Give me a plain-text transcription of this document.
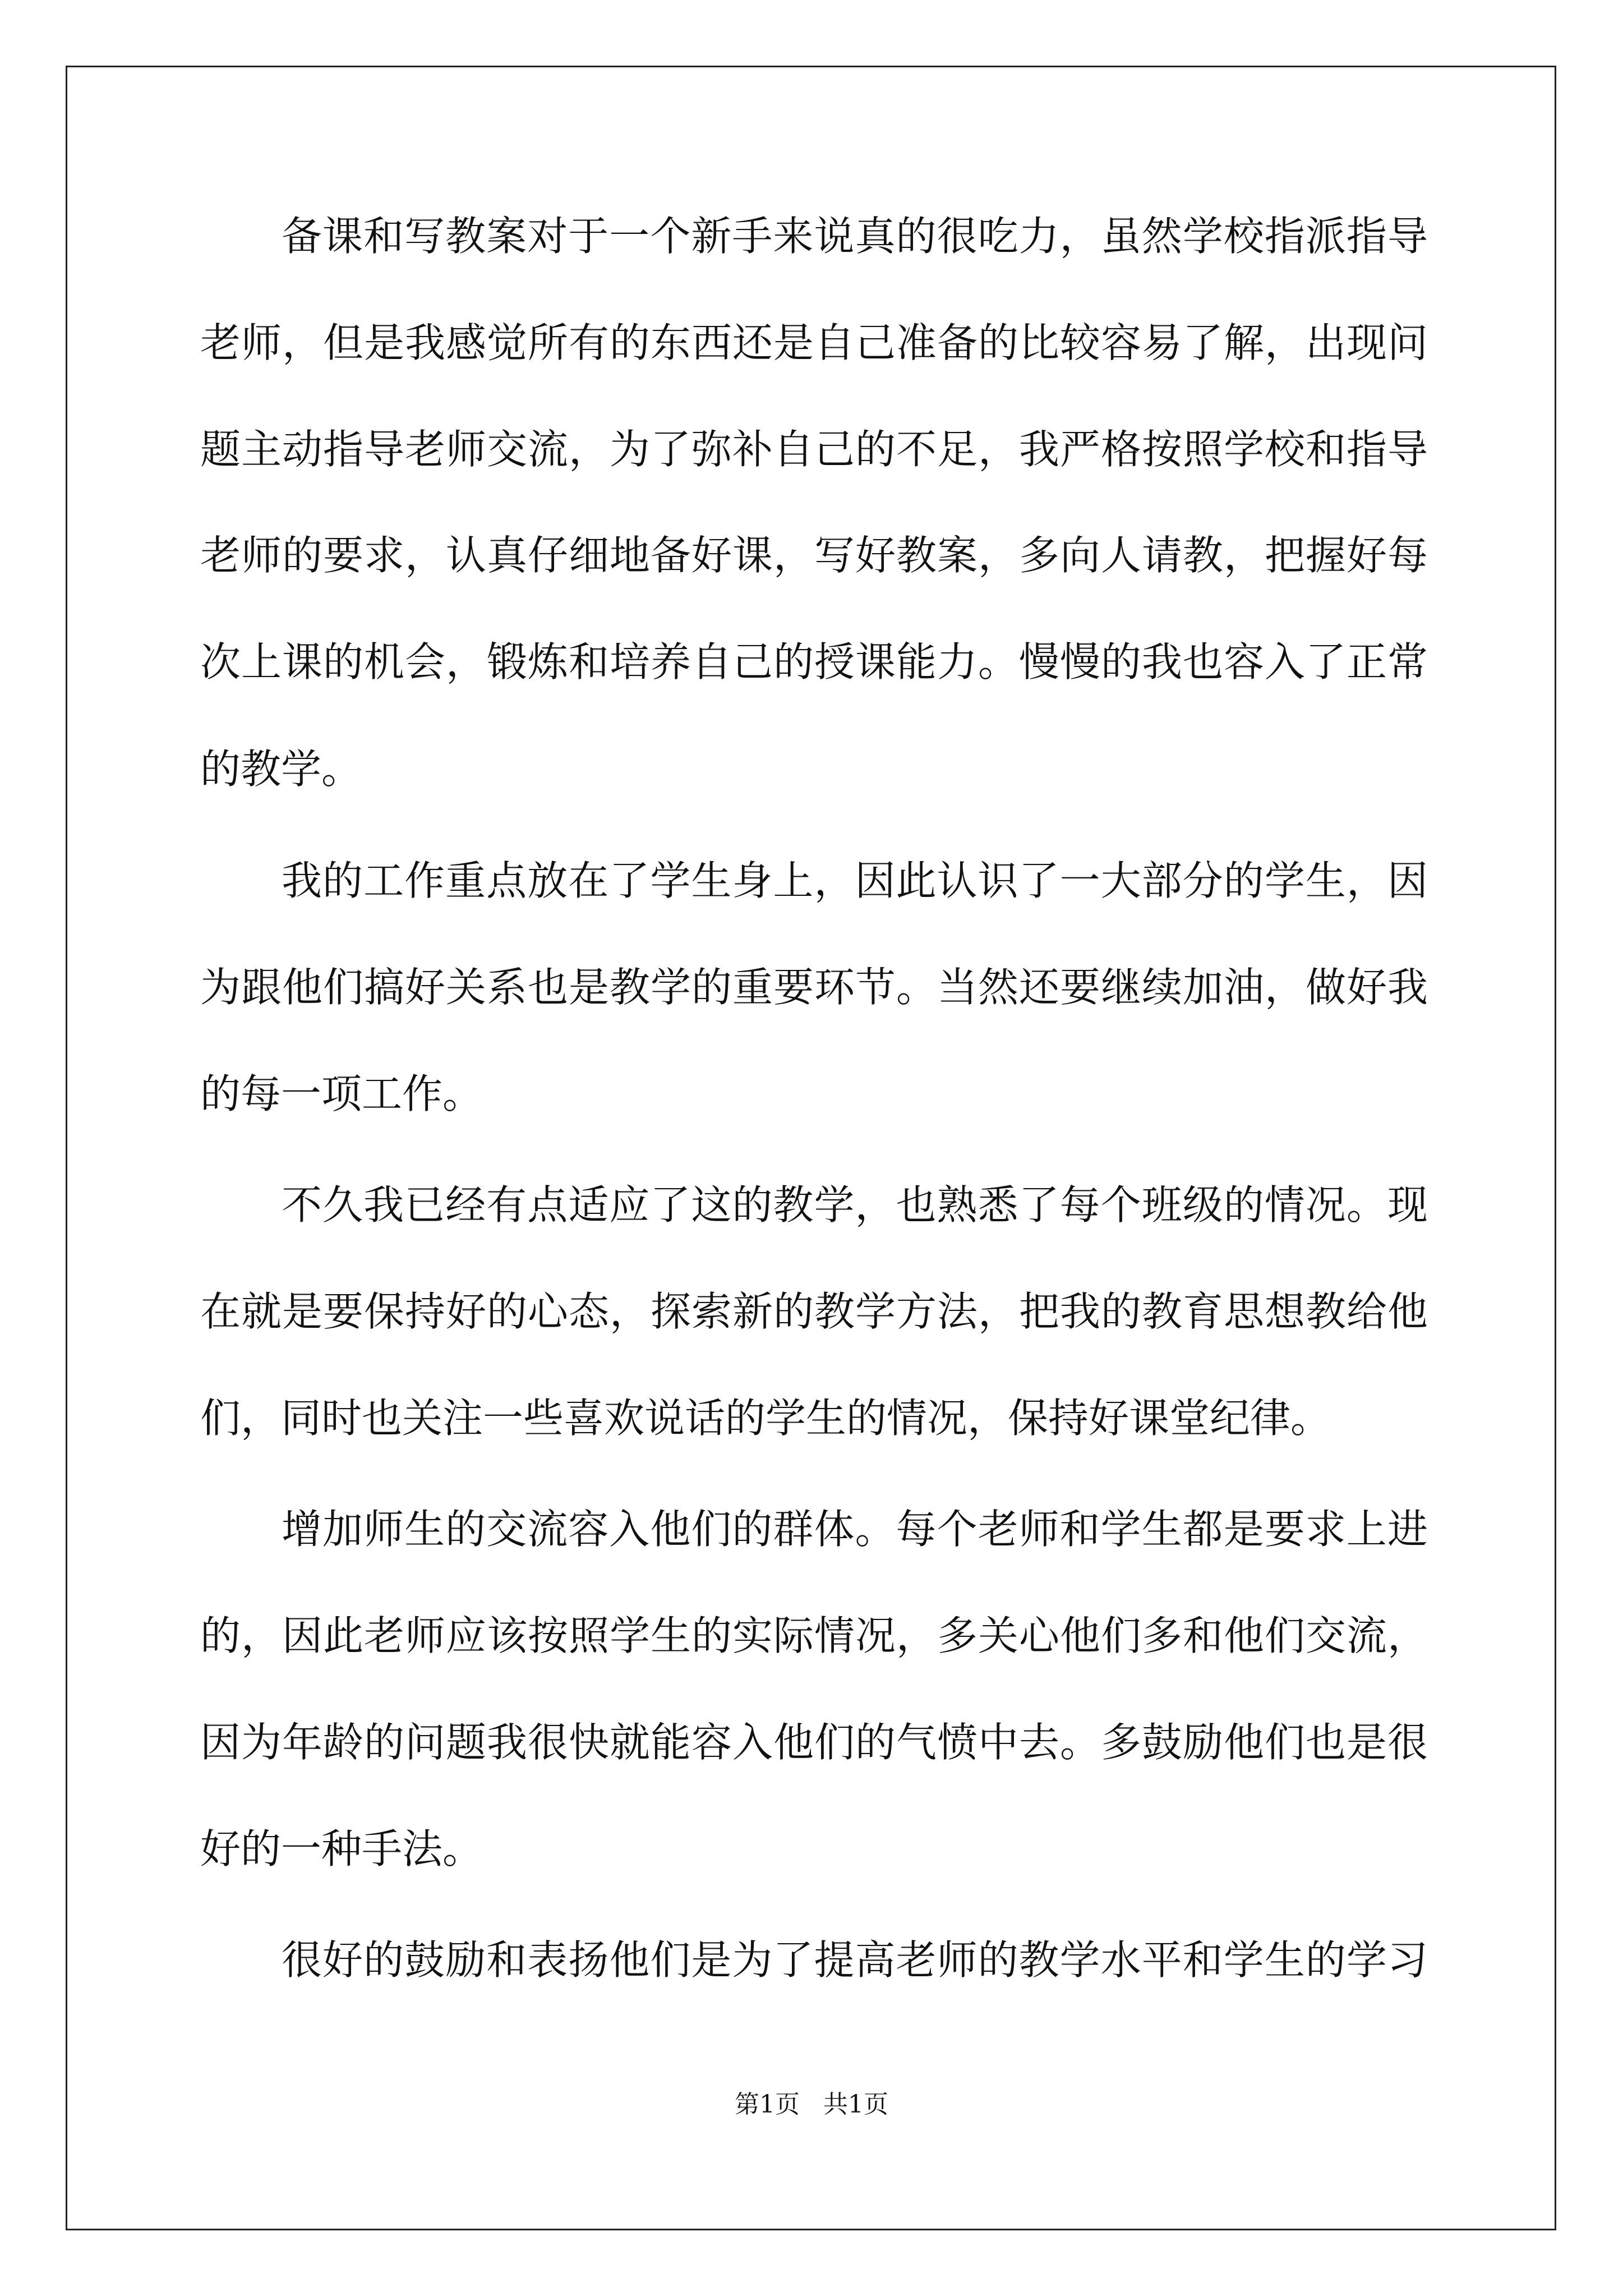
备课和写教案对于一个新手来说真的很吃力，虽然学校指派指导
老师，但是我感觉所有的东西还是自己准备的比较容易了解，出现问
题主动指导老师交流，为了弥补自己的不足，我严格按照学校和指导
老师的要求，认真仔细地备好课，写好教案，多向人请教，把握好每
次上课的机会，锻炼和培养自己的授课能力。慢慢的我也容入了正常
的教学。
我的工作重点放在了学生身上，因此认识了一大部分的学生，因
为跟他们搞好关系也是教学的重要环节。当然还要继续加油，做好我
的每一项工作。
不久我已经有点适应了这的教学，也熟悉了每个班级的情况。现
在就是要保持好的心态，探索新的教学方法，把我的教育思想教给他
们，同时也关注一些喜欢说话的学生的情况，保持好课堂纪律。
增加师生的交流容入他们的群体。每个老师和学生都是要求上进
的，因此老师应该按照学生的实际情况，多关心他们多和他们交流，
因为年龄的问题我很快就能容入他们的气愤中去。多鼓励他们也是很
好的一种手法。
很好的鼓励和表扬他们是为了提高老师的教学水平和学生的学习
第1页 共1页
